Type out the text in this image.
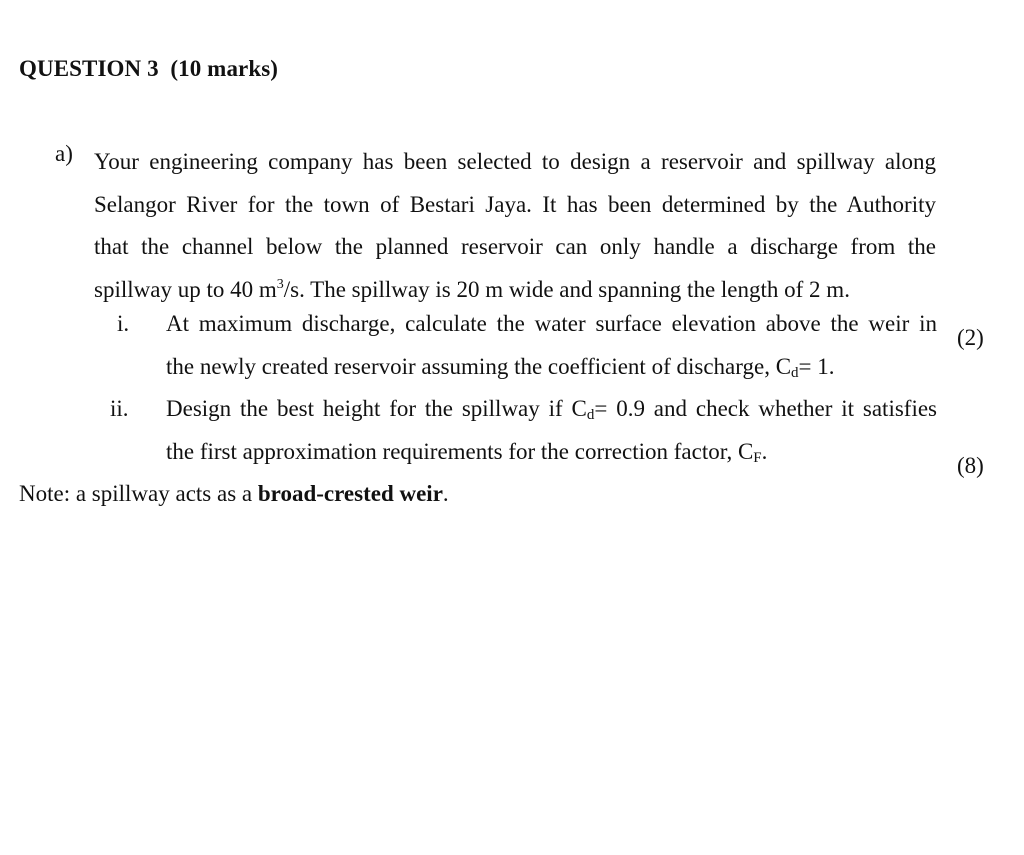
QUESTION 3  (10 marks)
a) Your engineering company has been selected to design a reservoir and spillway along
Selangor River for the town of Bestari Jaya. It has been determined by the Authority
that the channel below the planned reservoir can only handle a discharge from the
spillway up to 40 $m^3/s$. The spillway is 20 m wide and spanning the length of 2 m.
i. At maximum discharge, calculate the water surface elevation above the weir in
the newly created reservoir assuming the coefficient of discharge, $C_d= 1$.
(2)
ii. Design the best height for the spillway if $C_d= 0.9$ and check whether it satisfies
the first approximation requirements for the correction factor, $C_F$.
(8)
Note: a spillway acts as a broad-crested weir.
